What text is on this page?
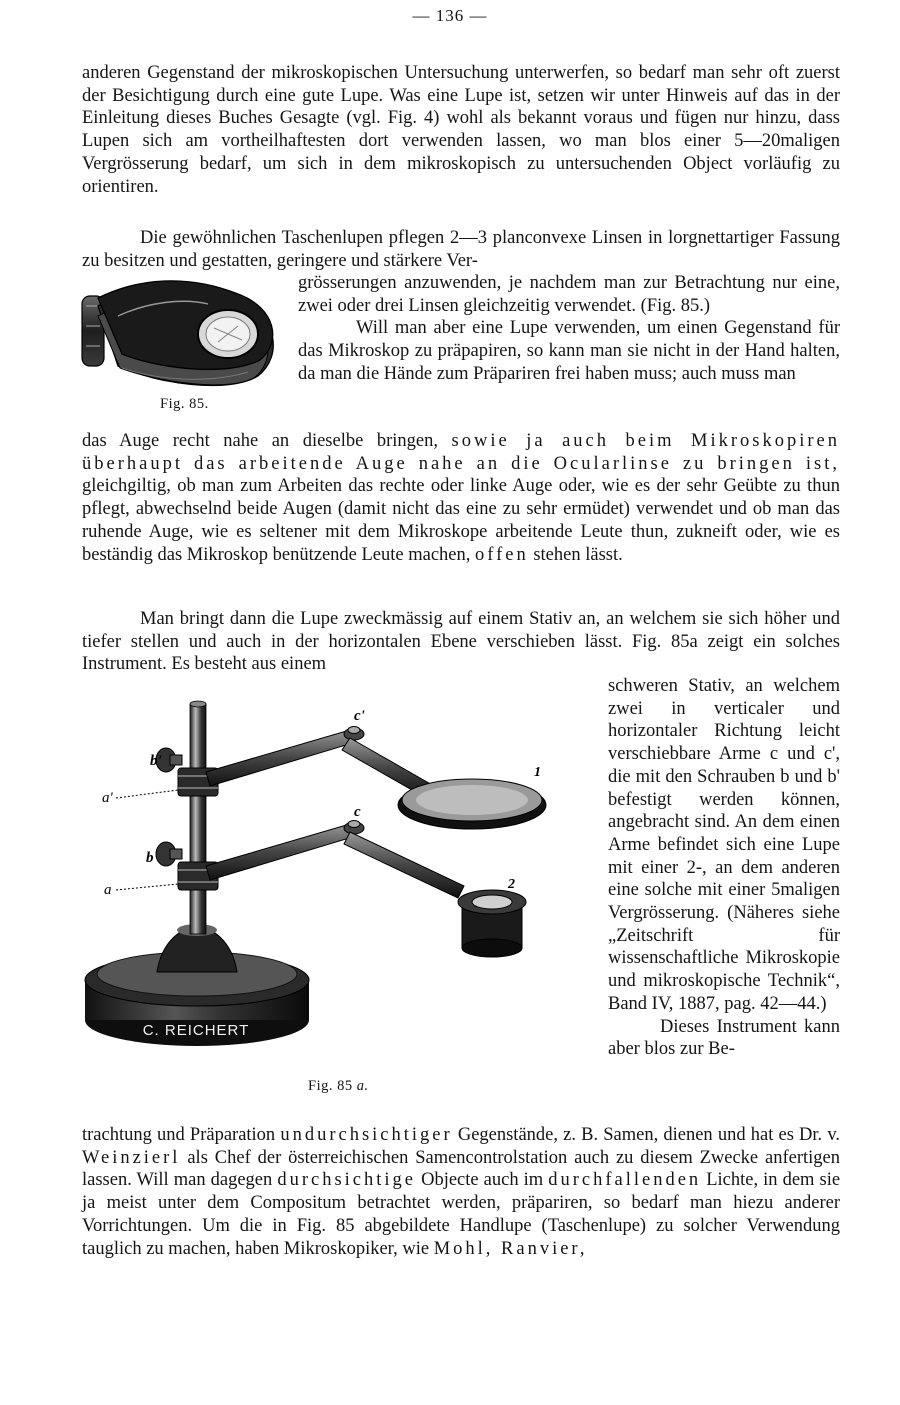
— 136 —

anderen Gegenstand der mikroskopischen Untersuchung unterwerfen, so bedarf man sehr oft zuerst der Besichtigung durch eine gute Lupe. Was eine Lupe ist, setzen wir unter Hinweis auf das in der Einleitung dieses Buches Gesagte (vgl. Fig. 4) wohl als bekannt voraus und fügen nur hinzu, dass Lupen sich am vortheilhaftesten dort verwenden lassen, wo man blos einer 5—20maligen Vergrösserung bedarf, um sich in dem mikroskopisch zu untersuchenden Object vorläufig zu orientiren.

Die gewöhnlichen Taschenlupen pflegen 2—3 planconvexe Linsen in lorgnettartiger Fassung zu besitzen und gestatten, geringere und stärkere Ver-

Fig. 85.

grösserungen anzuwenden, je nachdem man zur Betrachtung nur eine, zwei oder drei Linsen gleichzeitig verwendet. (Fig. 85.)

Will man aber eine Lupe verwenden, um einen Gegenstand für das Mikroskop zu präpapiren, so kann man sie nicht in der Hand halten, da man die Hände zum Präpariren frei haben muss; auch muss man

das Auge recht nahe an dieselbe bringen, sowie ja auch beim Mikroskopiren überhaupt das arbeitende Auge nahe an die Ocularlinse zu bringen ist, gleichgiltig, ob man zum Arbeiten das rechte oder linke Auge oder, wie es der sehr Geübte zu thun pflegt, abwechselnd beide Augen (damit nicht das eine zu sehr ermüdet) verwendet und ob man das ruhende Auge, wie es seltener mit dem Mikroskope arbeitende Leute thun, zukneift oder, wie es beständig das Mikroskop benützende Leute machen, offen stehen lässt.

Man bringt dann die Lupe zweckmässig auf einem Stativ an, an welchem sie sich höher und tiefer stellen und auch in der horizontalen Ebene verschieben lässt. Fig. 85a zeigt ein solches Instrument. Es besteht aus einem

C. REICHERT
c'
b'
a'
c
b
a
1
2
Fig. 85 a.

schweren Stativ, an welchem zwei in verticaler und horizontaler Richtung leicht verschiebbare Arme c und c', die mit den Schrauben b und b' befestigt werden können, angebracht sind. An dem einen Arme befindet sich eine Lupe mit einer 2-, an dem anderen eine solche mit einer 5maligen Vergrösserung. (Näheres siehe „Zeitschrift für wissenschaftliche Mikroskopie und mikroskopische Technik“, Band IV, 1887, pag. 42—44.)

Dieses Instrument kann aber blos zur Be-

trachtung und Präparation undurchsichtiger Gegenstände, z. B. Samen, dienen und hat es Dr. v. Weinzierl als Chef der österreichischen Samencontrolstation auch zu diesem Zwecke anfertigen lassen. Will man dagegen durchsichtige Objecte auch im durchfallenden Lichte, in dem sie ja meist unter dem Compositum betrachtet werden, präpariren, so bedarf man hiezu anderer Vorrichtungen. Um die in Fig. 85 abgebildete Handlupe (Taschenlupe) zu solcher Verwendung tauglich zu machen, haben Mikroskopiker, wie Mohl, Ranvier,
